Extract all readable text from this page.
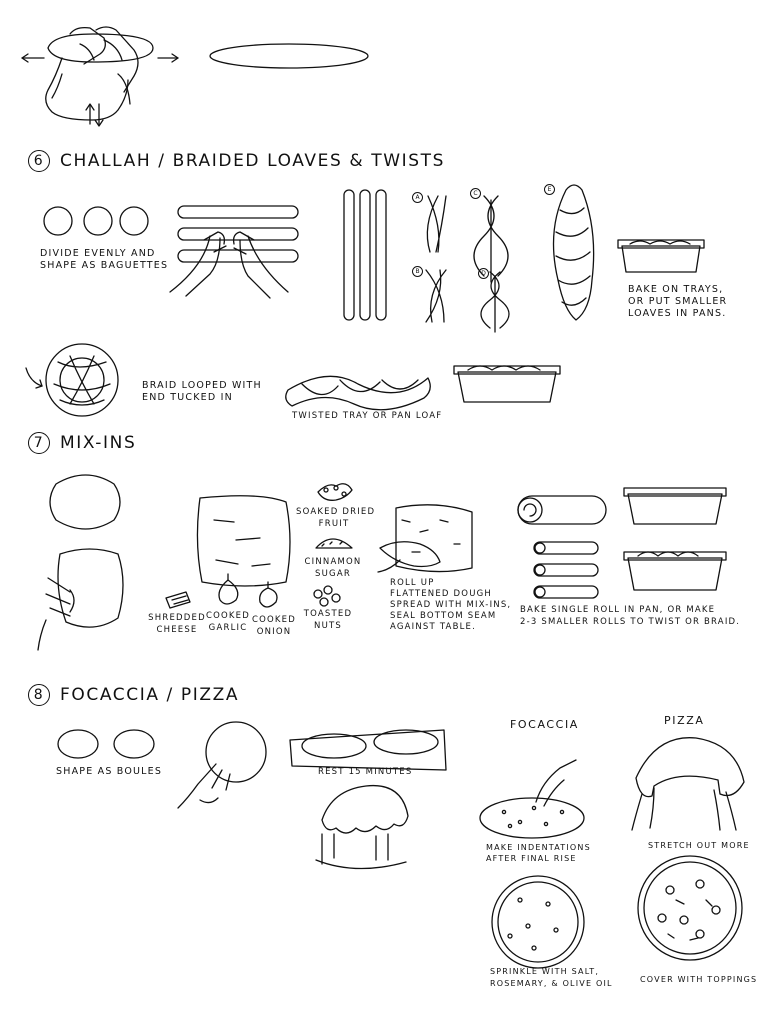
6 CHALLAH / BRAIDED LOAVES & TWISTS
7 MIX-INS
8 FOCACCIA / PIZZA
A
B
C
D
E
DIVIDE EVENLY AND
SHAPE AS BAGUETTES
BAKE ON TRAYS,
OR PUT SMALLER
LOAVES IN PANS.
BRAID LOOPED WITH
END TUCKED IN
TWISTED TRAY OR PAN LOAF
SOAKED DRIED
FRUIT
CINNAMON
SUGAR
SHREDDED
CHEESE
COOKED
GARLIC
COOKED
ONION
TOASTED
NUTS
ROLL UP
FLATTENED DOUGH
SPREAD WITH MIX-INS,
SEAL BOTTOM SEAM
AGAINST TABLE.
BAKE SINGLE ROLL IN PAN, OR MAKE
2-3 SMALLER ROLLS TO TWIST OR BRAID.
SHAPE AS BOULES	REST 15 MINUTES
FOCACCIA	PIZZA
MAKE INDENTATIONS
AFTER FINAL RISE
STRETCH OUT MORE
SPRINKLE WITH SALT,
ROSEMARY, & OLIVE OIL	COVER WITH TOPPINGS
